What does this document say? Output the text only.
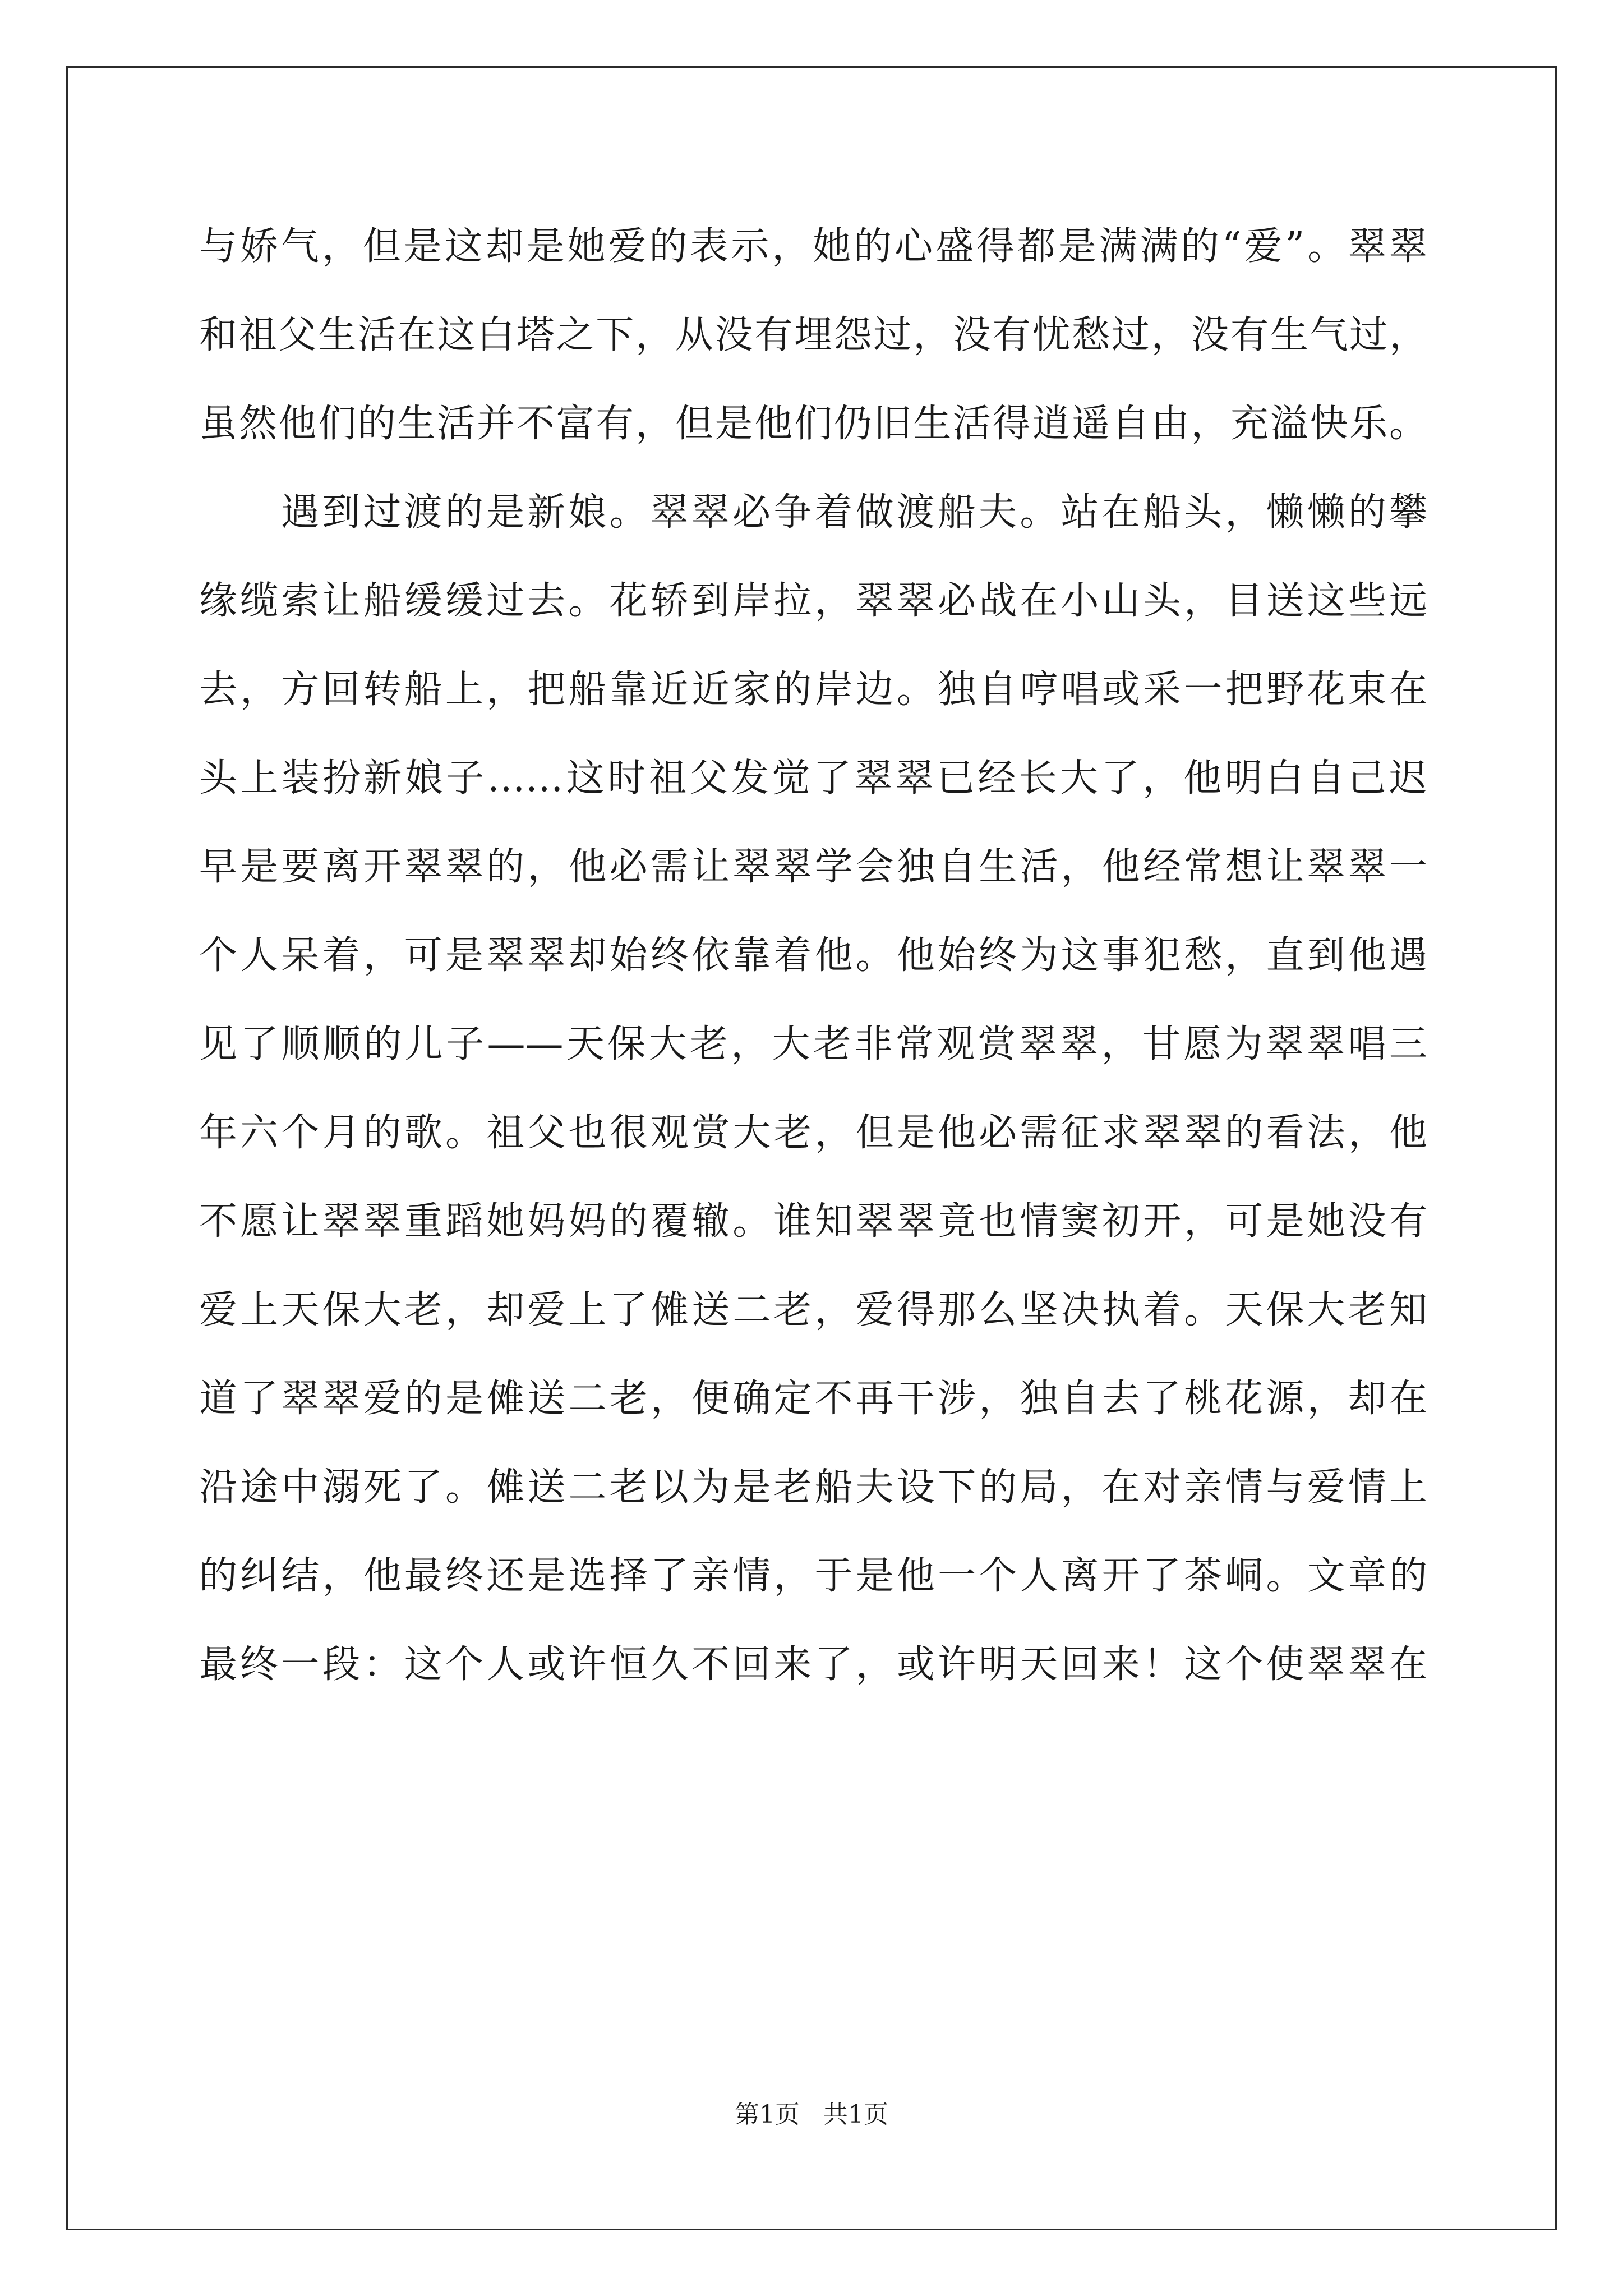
与娇气，但是这却是她爱的表示，她的心盛得都是满满的“爱”。翠翠
和祖父生活在这白塔之下，从没有埋怨过，没有忧愁过，没有生气过，
虽然他们的生活并不富有，但是他们仍旧生活得逍遥自由，充溢快乐。
遇到过渡的是新娘。翠翠必争着做渡船夫。站在船头，懒懒的攀
缘缆索让船缓缓过去。花轿到岸拉，翠翠必战在小山头，目送这些远
去，方回转船上，把船靠近近家的岸边。独自哼唱或采一把野花束在
头上装扮新娘子……这时祖父发觉了翠翠已经长大了，他明白自己迟
早是要离开翠翠的，他必需让翠翠学会独自生活，他经常想让翠翠一
个人呆着，可是翠翠却始终依靠着他。他始终为这事犯愁，直到他遇
见了顺顺的儿子——天保大老，大老非常观赏翠翠，甘愿为翠翠唱三
年六个月的歌。祖父也很观赏大老，但是他必需征求翠翠的看法，他
不愿让翠翠重蹈她妈妈的覆辙。谁知翠翠竟也情窦初开，可是她没有
爱上天保大老，却爱上了傩送二老，爱得那么坚决执着。天保大老知
道了翠翠爱的是傩送二老，便确定不再干涉，独自去了桃花源，却在
沿途中溺死了。傩送二老以为是老船夫设下的局，在对亲情与爱情上
的纠结，他最终还是选择了亲情，于是他一个人离开了茶峒。文章的
最终一段：这个人或许恒久不回来了，或许明天回来！这个使翠翠在
第1页   共1页
